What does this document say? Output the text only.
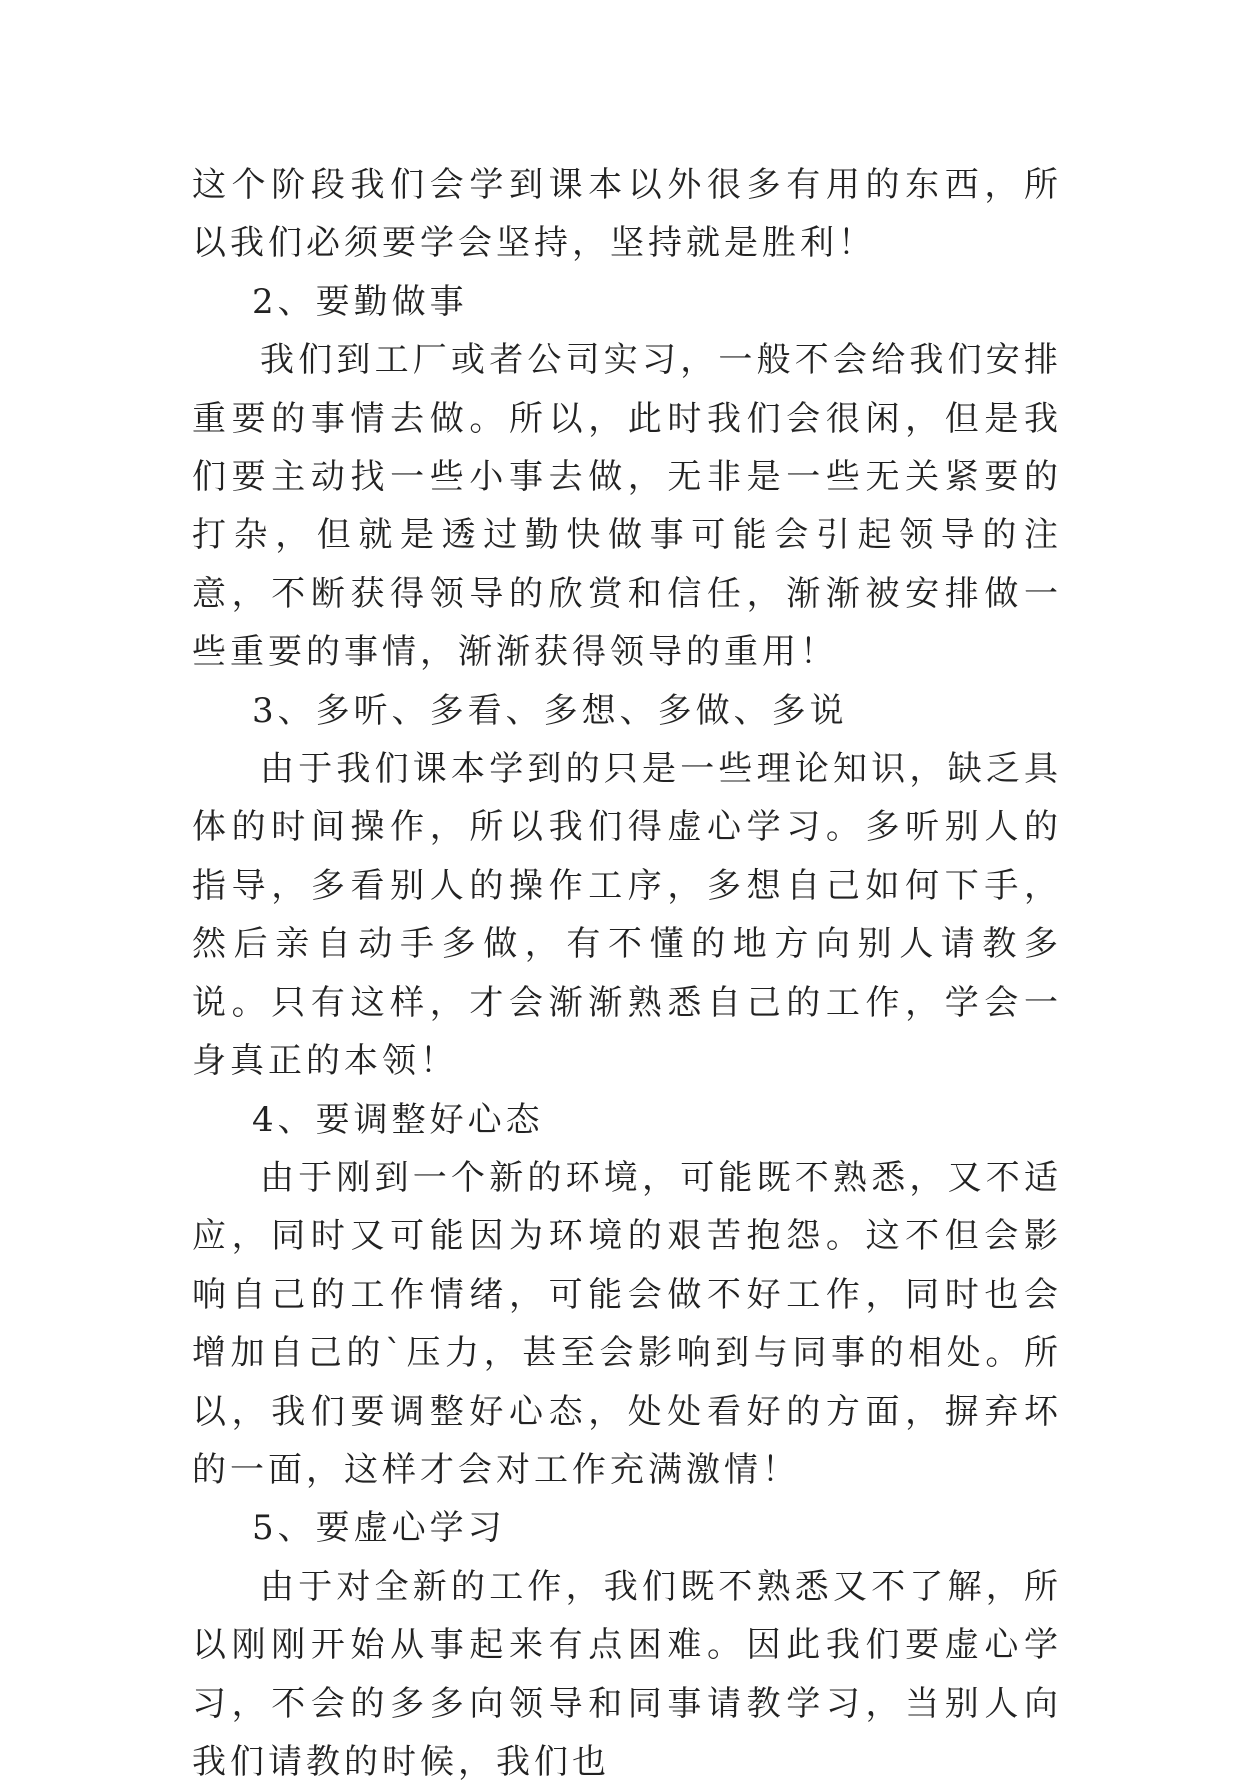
这个阶段我们会学到课本以外很多有用的东西，所以我们必须要学会坚持，坚持就是胜利！

2、要勤做事

我们到工厂或者公司实习，一般不会给我们安排重要的事情去做。所以，此时我们会很闲，但是我们要主动找一些小事去做，无非是一些无关紧要的打杂，但就是透过勤快做事可能会引起领导的注意，不断获得领导的欣赏和信任，渐渐被安排做一些重要的事情，渐渐获得领导的重用！

3、多听、多看、多想、多做、多说

由于我们课本学到的只是一些理论知识，缺乏具体的时间操作，所以我们得虚心学习。多听别人的指导，多看别人的操作工序，多想自己如何下手，然后亲自动手多做，有不懂的地方向别人请教多说。只有这样，才会渐渐熟悉自己的工作，学会一身真正的本领！

4、要调整好心态

由于刚到一个新的环境，可能既不熟悉，又不适应，同时又可能因为环境的艰苦抱怨。这不但会影响自己的工作情绪，可能会做不好工作，同时也会增加自己的`压力，甚至会影响到与同事的相处。所以，我们要调整好心态，处处看好的方面，摒弃坏的一面，这样才会对工作充满激情！

5、要虚心学习

由于对全新的工作，我们既不熟悉又不了解，所以刚刚开始从事起来有点困难。因此我们要虚心学习，不会的多多向领导和同事请教学习，当别人向我们请教的时候，我们也
